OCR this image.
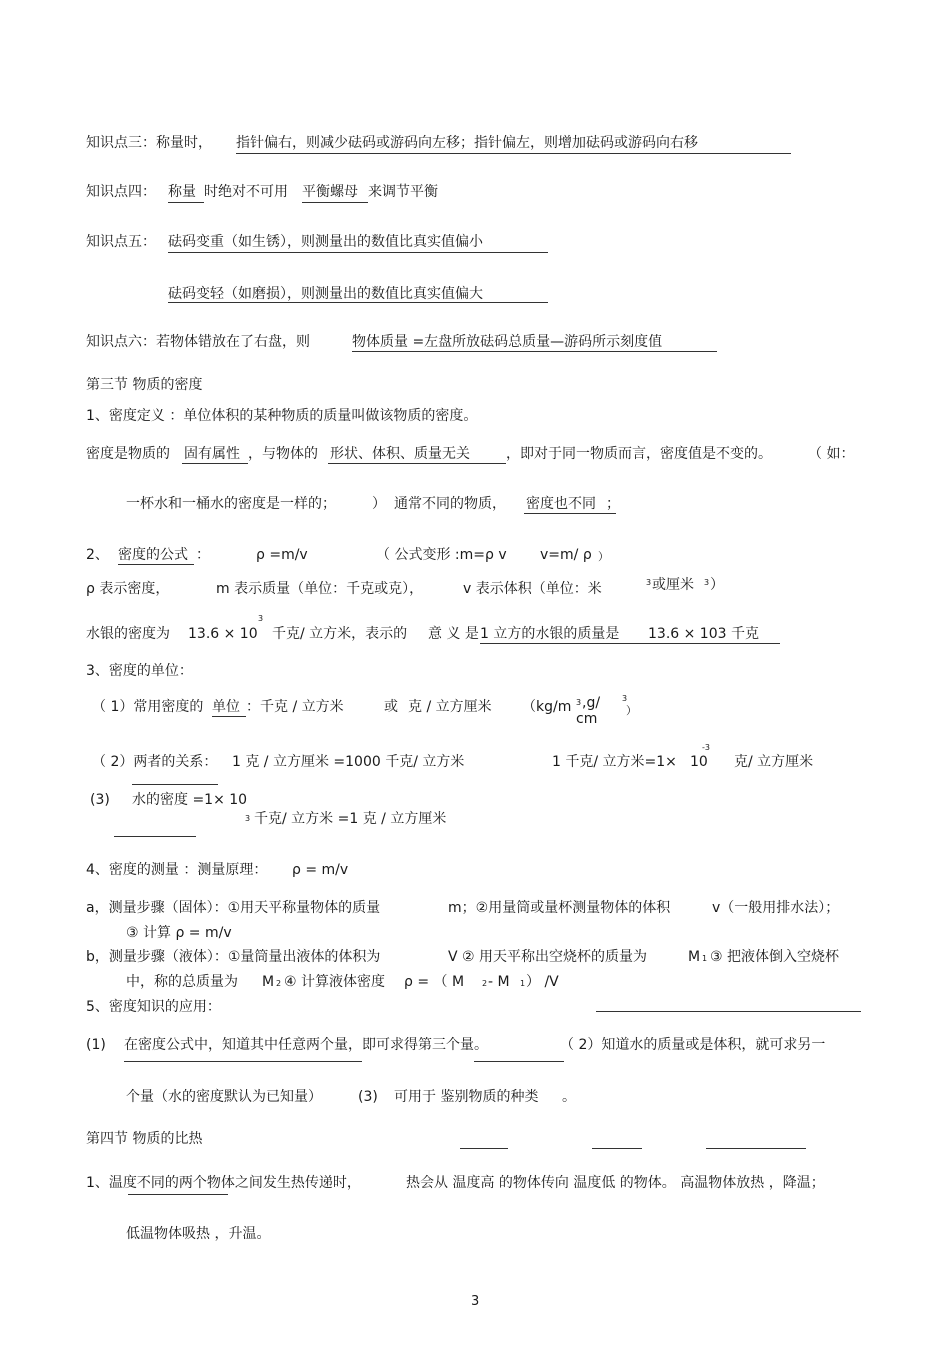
知识点三：称量时， 指针偏右，则减少砝码或游码向左移；指针偏左，则增加砝码或游码向右移
知识点四： 称量 时绝对不可用 平衡螺母 来调节平衡
知识点五： 砝码变重（如生锈），则测量出的数值比真实值偏小
砝码变轻（如磨损），则测量出的数值比真实值偏大
知识点六：若物体错放在了右盘，则	物体质量 =左盘所放砝码总质量—游码所示刻度值
第三节 物质的密度
1、密度定义 ：单位体积的某种物质的质量叫做该物质的密度。
密度是物质的 固有属性 ，与物体的 形状、体积、质量无关	，即对于同一物质而言，密度值是不变的。	（ 如：
一杯水和一桶水的密度是一样的；	） 通常不同的物质， 密度也不同 ；
2、 密度的公式 ：	ρ =m/v	（ 公式变形 :m=ρ v v=m/ ρ ）
ρ 表示密度，	m 表示质量（单位：千克或克），	v 表示体积（单位：米	3 或厘米 3 ）
水银的密度为 13.6 × 10
3
千克/ 立方米，表示的 意 义 是 1 立方的水银的质量是 13.6 × 103 千克
3、密度的单位：
（ 1）常用密度的 单位 ：千克 / 立方米	或 克 / 立方厘米 （kg/m 3 ,g/
cm
3
）
（ 2）两者的关系： 1 克 / 立方厘米 =1000 千克/ 立方米	1 千克/ 立方米=1× 10
-3
克/ 立方厘米
(3) 水的密度 =1× 10
3 千克/ 立方米 =1 克 / 立方厘米
4、密度的测量 ：测量原理： ρ = m/v
a，测量步骤（固体）：①用天平称量物体的质量	m；②用量筒或量杯测量物体的体积	v（一般用排水法）；
③ 计算 ρ = m/v
b，测量步骤（液体）：①量筒量出液体的体积为	V ② 用天平称出空烧杯的质量为	M 1 ③ 把液体倒入空烧杯
中，称的总质量为 M 2 ④ 计算液体密度 ρ = （ M 2 - M 1 ） /V
5、密度知识的应用：
(1) 在密度公式中，知道其中任意两个量，即可求得第三个量。	（ 2）知道水的质量或是体积，就可求另一
个量（水的密度默认为已知量）	(3) 可用于 鉴别物质的种类 。
第四节 物质的比热
1、温度不同的两个物体之间发生热传递时，	热会从 温度高 的物体传向 温度低 的物体。 高温物体放热 ，降温；
低温物体吸热 ，升温。
3
